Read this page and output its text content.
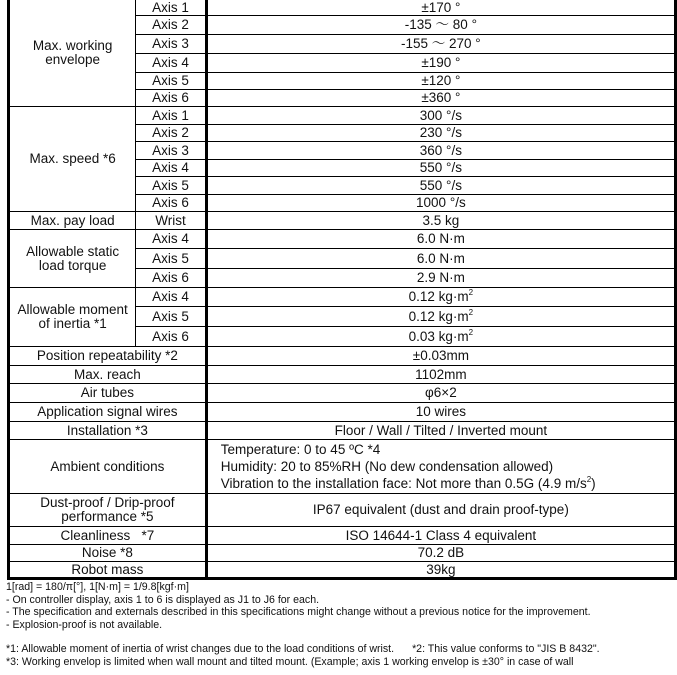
Max. working
envelope	Axis 1	±170 °
	Axis 2	-135 ～ 80 °
	Axis 3	-155 ～ 270 °
	Axis 4	±190 °
	Axis 5	±120 °
	Axis 6	±360 °
Max. speed *6	Axis 1	300 °/s
	Axis 2	230 °/s
	Axis 3	360 °/s
	Axis 4	550 °/s
	Axis 5	550 °/s
	Axis 6	1000 °/s
Max. pay load	Wrist	3.5 kg
Allowable static
load torque	Axis 4	6.0 N·m
	Axis 5	6.0 N·m
	Axis 6	2.9 N·m
Allowable moment
of inertia *1	Axis 4	0.12 $kg\cdot m^2$
	Axis 5	0.12 $kg\cdot m^2$
	Axis 6	0.03 $kg\cdot m^2$
Position repeatability *2		±0.03mm
Max. reach		1102mm
Air tubes		φ6×2
Application signal wires		10 wires
Installation *3		Floor / Wall / Tilted / Inverted mount
Ambient conditions		Temperature: 0 to 45 ºC *4
Humidity: 20 to 85%RH (No dew condensation allowed)
Vibration to the installation face: Not more than 0.5G (4.9 $m/s^2$)
Dust-proof / Drip-proof
performance *5		IP67 equivalent (dust and drain proof-type)
Cleanliness   *7		ISO 14644-1 Class 4 equivalent
Noise *8		70.2 dB
Robot mass		39kg

1[rad] = 180/π[°], 1[N·m] = 1/9.8[kgf·m]

- On controller display, axis 1 to 6 is displayed as J1 to J6 for each.

- The specification and externals described in this specifications might change without a previous notice for the improvement.

- Explosion-proof is not available.

*1: Allowable moment of inertia of wrist changes due to the load conditions of wrist. *2: This value conforms to "JIS B 8432".

*3: Working envelop is limited when wall mount and tilted mount. (Example; axis 1 working envelop is ±30° in case of wall
